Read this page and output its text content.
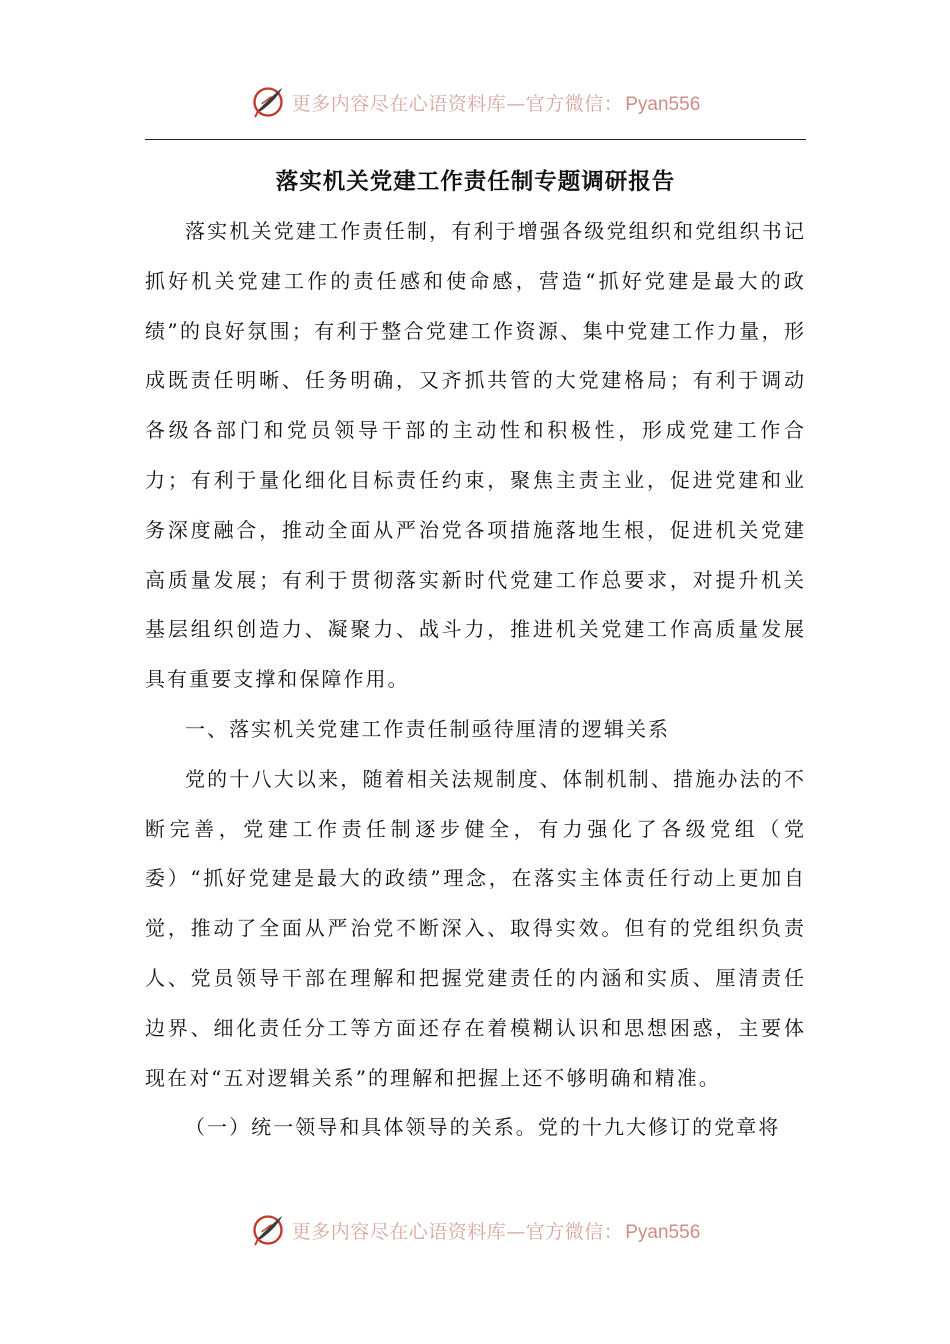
更多内容尽在心语资料库—官方微信： Pyan556
落实机关党建工作责任制专题调研报告

落实机关党建工作责任制，有利于增强各级党组织和党组织书记抓好机关党建工作的责任感和使命感，营造“抓好党建是最大的政绩”的良好氛围；有利于整合党建工作资源、集中党建工作力量，形成既责任明晰、任务明确，又齐抓共管的大党建格局；有利于调动各级各部门和党员领导干部的主动性和积极性，形成党建工作合力；有利于量化细化目标责任约束，聚焦主责主业，促进党建和业务深度融合，推动全面从严治党各项措施落地生根，促进机关党建高质量发展；有利于贯彻落实新时代党建工作总要求，对提升机关基层组织创造力、凝聚力、战斗力，推进机关党建工作高质量发展具有重要支撑和保障作用。

一、落实机关党建工作责任制亟待厘清的逻辑关系

党的十八大以来，随着相关法规制度、体制机制、措施办法的不断完善，党建工作责任制逐步健全，有力强化了各级党组（党委）“抓好党建是最大的政绩”理念，在落实主体责任行动上更加自觉，推动了全面从严治党不断深入、取得实效。但有的党组织负责人、党员领导干部在理解和把握党建责任的内涵和实质、厘清责任边界、细化责任分工等方面还存在着模糊认识和思想困惑，主要体现在对“五对逻辑关系”的理解和把握上还不够明确和精准。

（一）统一领导和具体领导的关系。党的十九大修订的党章将

更多内容尽在心语资料库—官方微信： Pyan556
